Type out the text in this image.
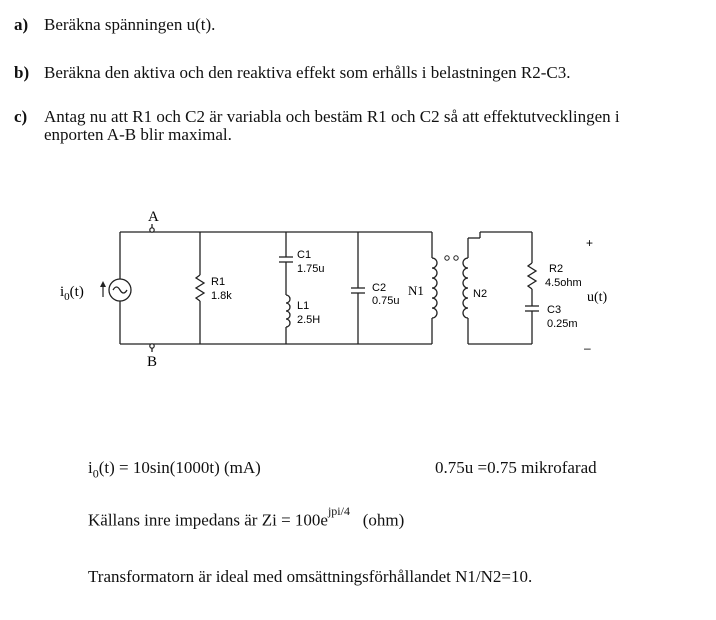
a) Beräkna spänningen u(t).
b) Beräkna den aktiva och den reaktiva effekt som erhålls i belastningen R2-C3.
c) Antag nu att R1 och C2 är variabla och bestäm R1 och C2 så att effektutvecklingen i enporten A-B blir maximal.
A
B
$i_0(t)$
R1
1.8k
C1
1.75u
L1
2.5H
C2
0.75u
N1	N2
R2
4.5ohm
C3
0.25m
u(t)
+
–
$i_0(t) = 10\sin(1000t)$ (mA)	0.75u =0.75 mikrofarad
Källans inre impedans är $Zi = 100e^{jpi/4}$ (ohm)
Transformatorn är ideal med omsättningsförhållandet N1/N2=10.
